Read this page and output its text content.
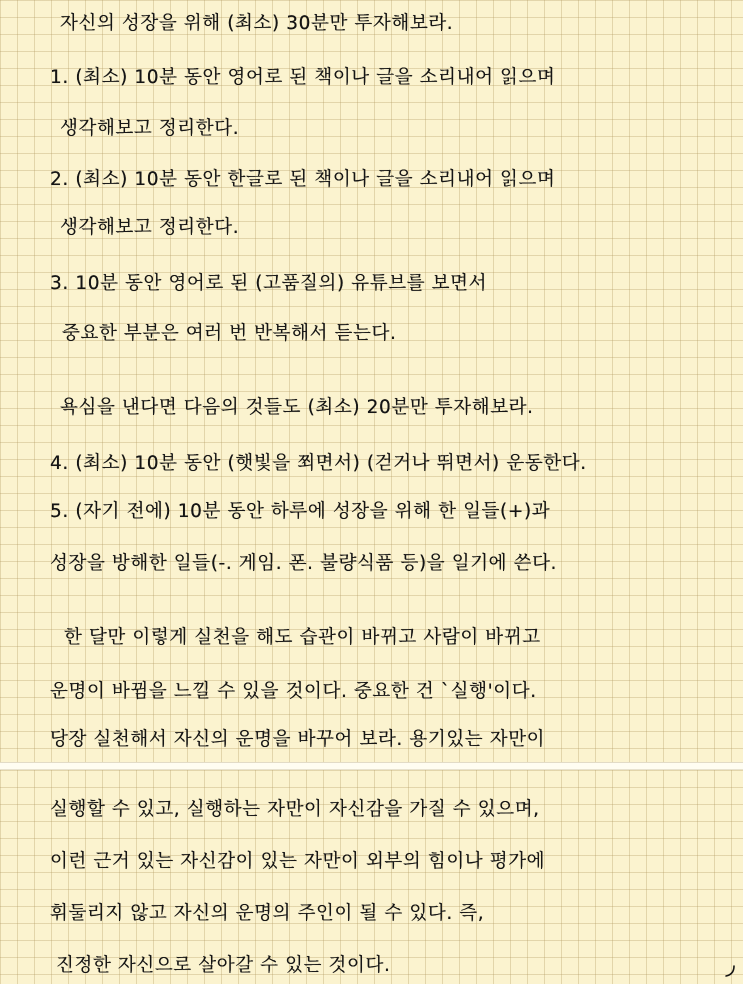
자신의 성장을 위해 (최소) 30분만 투자해보라.
1. (최소) 10분 동안 영어로 된 책이나 글을 소리내어 읽으며
생각해보고 정리한다.
2. (최소) 10분 동안 한글로 된 책이나 글을 소리내어 읽으며
생각해보고 정리한다.
3. 10분 동안 영어로 된 (고품질의) 유튜브를 보면서
중요한 부분은 여러 번 반복해서 듣는다.
욕심을 낸다면 다음의 것들도 (최소) 20분만 투자해보라.
4. (최소) 10분 동안 (햇빛을 쬐면서) (걷거나 뛰면서) 운동한다.
5. (자기 전에) 10분 동안 하루에 성장을 위해 한 일들(+)과
성장을 방해한 일들(-. 게임. 폰. 불량식품 등)을 일기에 쓴다.
한 달만 이렇게 실천을 해도 습관이 바뀌고 사람이 바뀌고
운명이 바뀜을 느낄 수 있을 것이다. 중요한 건 `실행'이다.
당장 실천해서 자신의 운명을 바꾸어 보라. 용기있는 자만이
실행할 수 있고, 실행하는 자만이 자신감을 가질 수 있으며,
이런 근거 있는 자신감이 있는 자만이 외부의 힘이나 평가에
휘둘리지 않고 자신의 운명의 주인이 될 수 있다. 즉,
진정한 자신으로 살아갈 수 있는 것이다.
